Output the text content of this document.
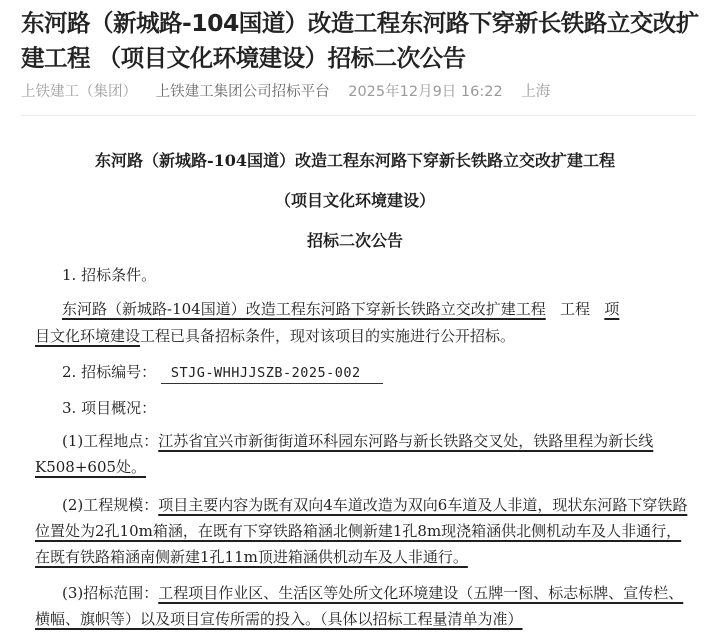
东河路（新城路-104国道）改造工程东河路下穿新长铁路立交改扩建工程 （项目文化环境建设）招标二次公告
上铁建工（集团） 上铁建工集团公司招标平台 2025年12月9日 16:22 上海
东河路（新城路-104国道）改造工程东河路下穿新长铁路立交改扩建工程
（项目文化环境建设）
招标二次公告
1. 招标条件。
东河路（新城路-104国道）改造工程东河路下穿新长铁路立交改扩建工程 工程 项
目文化环境建设工程已具备招标条件，现对该项目的实施进行公开招标。
2. 招标编号： STJG-WHHJJSZB-2025-002
3. 项目概况：
(1)工程地点：江苏省宜兴市新街街道环科园东河路与新长铁路交叉处，铁路里程为新长线K508+605处。
(2)工程规模：项目主要内容为既有双向4车道改造为双向6车道及人非道，现状东河路下穿铁路位置处为2孔10m箱涵，在既有下穿铁路箱涵北侧新建1孔8m现浇箱涵供北侧机动车及人非通行，在既有铁路箱涵南侧新建1孔11m顶进箱涵供机动车及人非通行。
(3)招标范围：工程项目作业区、生活区等处所文化环境建设（五牌一图、标志标牌、宣传栏、横幅、旗帜等）以及项目宣传所需的投入。（具体以招标工程量清单为准）
